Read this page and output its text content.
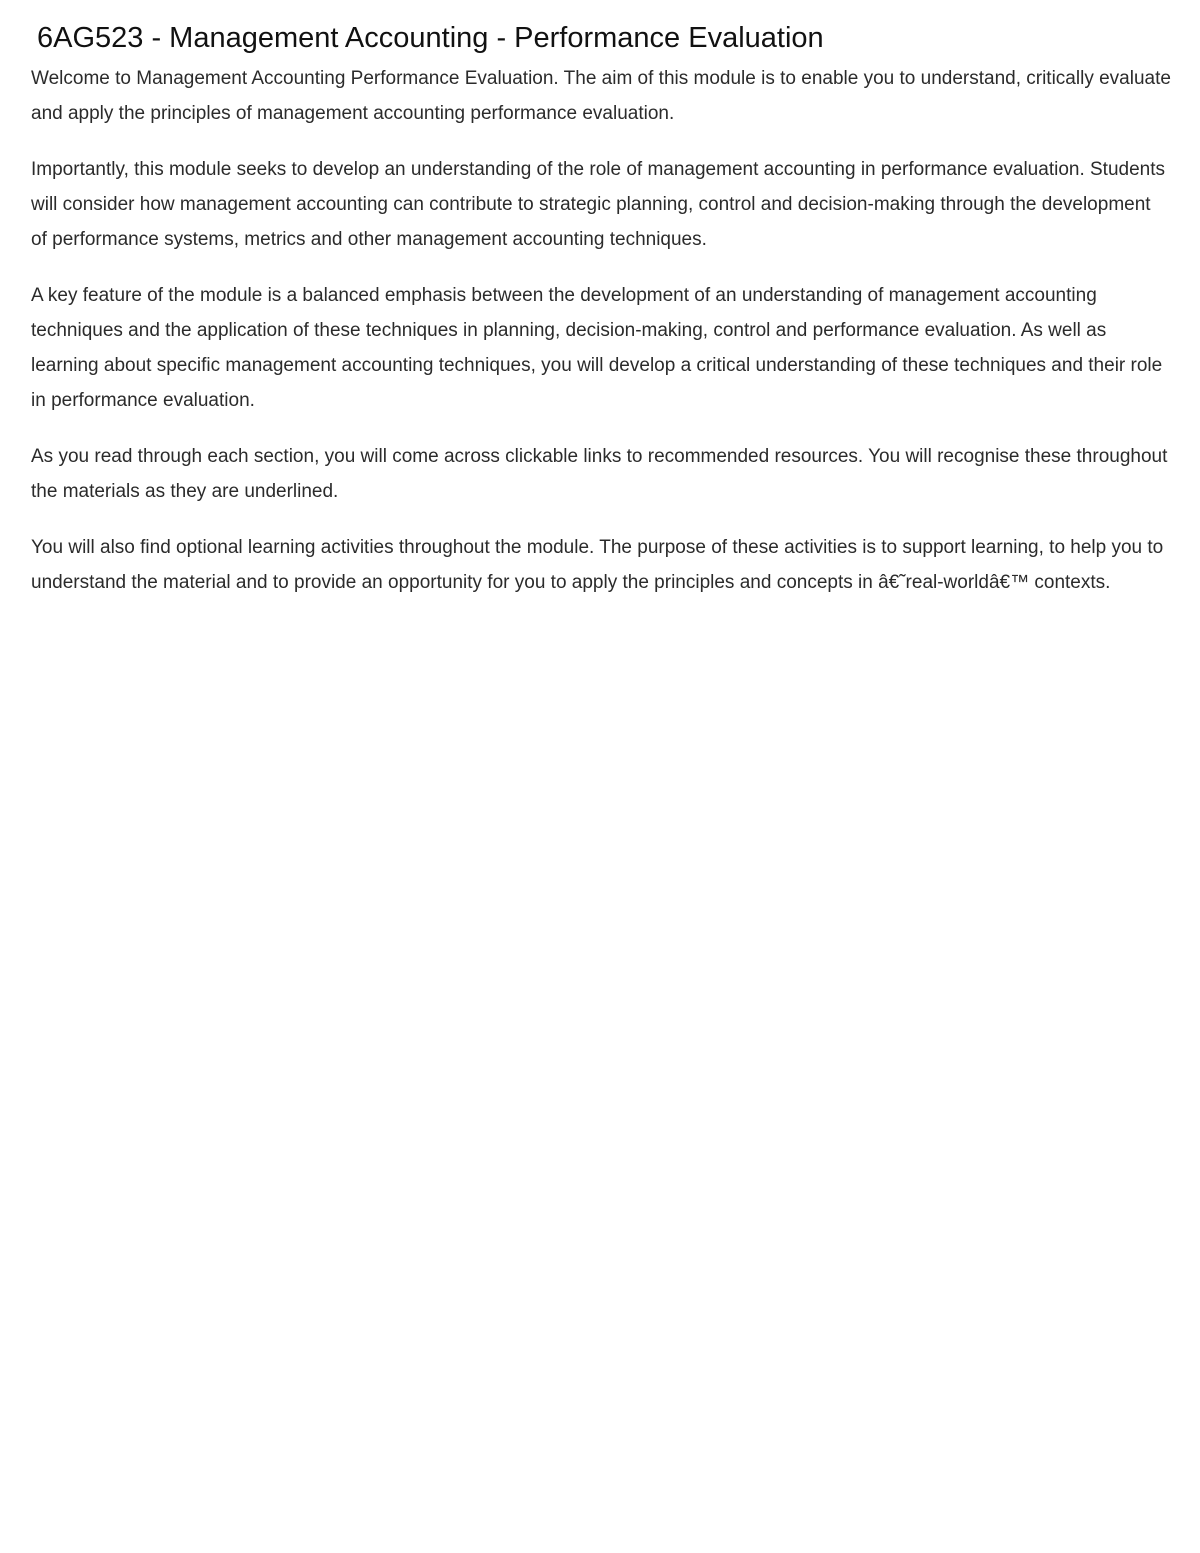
6AG523 - Management Accounting - Performance Evaluation

Welcome to Management Accounting Performance Evaluation. The aim of this module is to enable you to understand, critically evaluate and apply the principles of management accounting performance evaluation.

Importantly, this module seeks to develop an understanding of the role of management accounting in performance evaluation. Students will consider how management accounting can contribute to strategic planning, control and decision-making through the development of performance systems, metrics and other management accounting techniques.

A key feature of the module is a balanced emphasis between the development of an understanding of management accounting techniques and the application of these techniques in planning, decision-making, control and performance evaluation. As well as learning about specific management accounting techniques, you will develop a critical understanding of these techniques and their role in performance evaluation.

As you read through each section, you will come across clickable links to recommended resources. You will recognise these throughout the materials as they are underlined.

You will also find optional learning activities throughout the module. The purpose of these activities is to support learning, to help you to understand the material and to provide an opportunity for you to apply the principles and concepts in â€˜real-worldâ€™ contexts.
